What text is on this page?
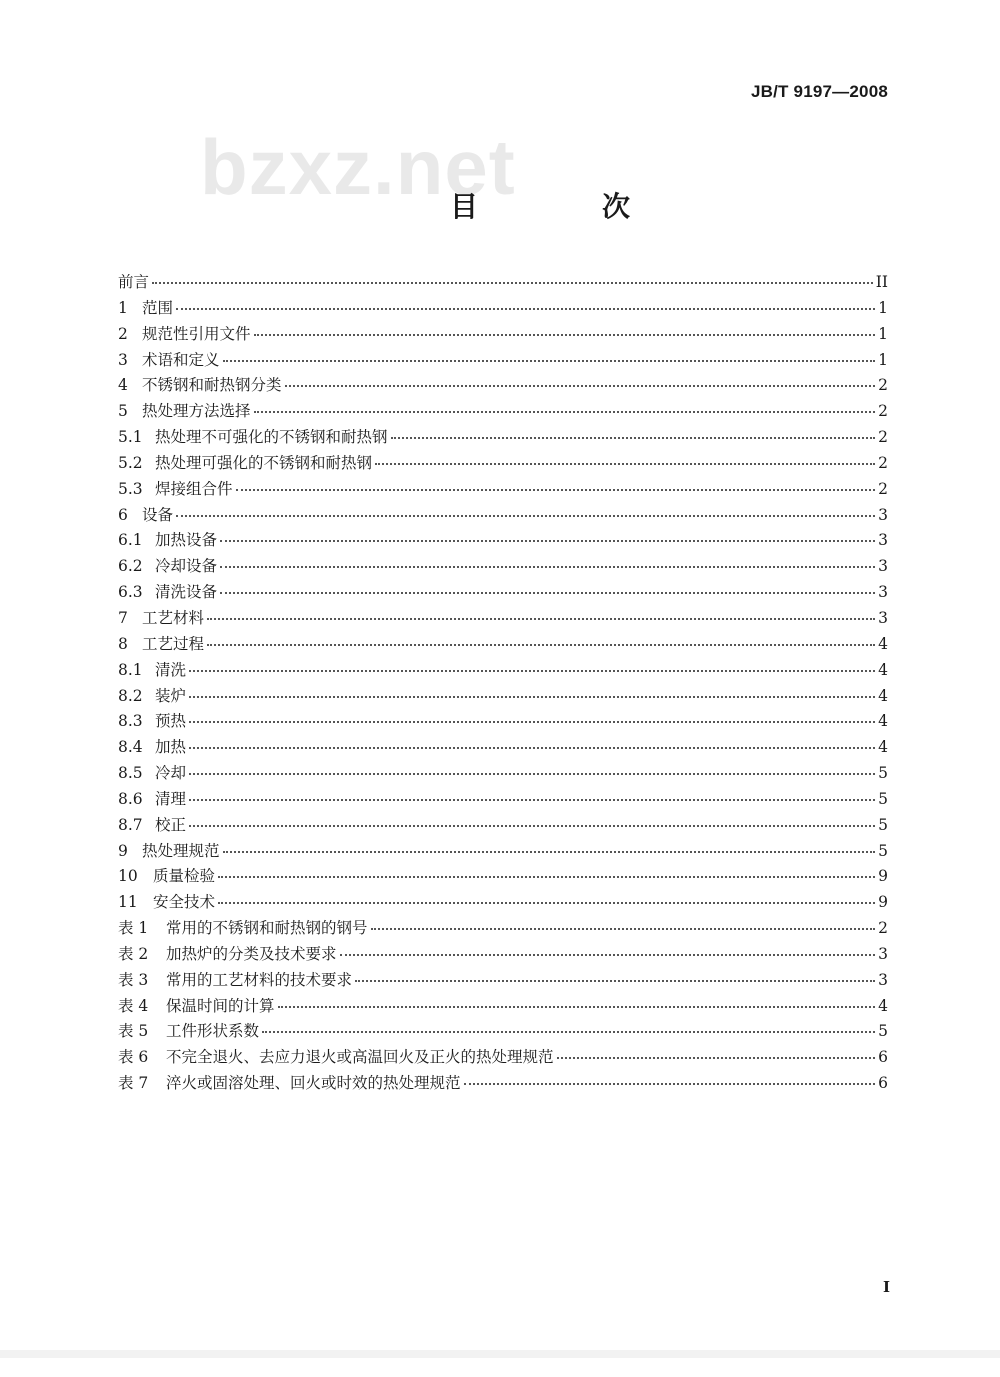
bzxz.net
JB/T 9197—2008
目　次
前言	II
1 范围	1
2 规范性引用文件	1
3 术语和定义	1
4 不锈钢和耐热钢分类	2
5 热处理方法选择	2
5.1 热处理不可强化的不锈钢和耐热钢	2
5.2 热处理可强化的不锈钢和耐热钢	2
5.3 焊接组合件	2
6 设备	3
6.1 加热设备	3
6.2 冷却设备	3
6.3 清洗设备	3
7 工艺材料	3
8 工艺过程	4
8.1 清洗	4
8.2 装炉	4
8.3 预热	4
8.4 加热	4
8.5 冷却	5
8.6 清理	5
8.7 校正	5
9 热处理规范	5
10 质量检验	9
11 安全技术	9
表 1	常用的不锈钢和耐热钢的钢号	2
表 2	加热炉的分类及技术要求	3
表 3	常用的工艺材料的技术要求	3
表 4	保温时间的计算	4
表 5	工件形状系数	5
表 6	不完全退火、去应力退火或高温回火及正火的热处理规范	6
表 7	淬火或固溶处理、回火或时效的热处理规范	6
I
